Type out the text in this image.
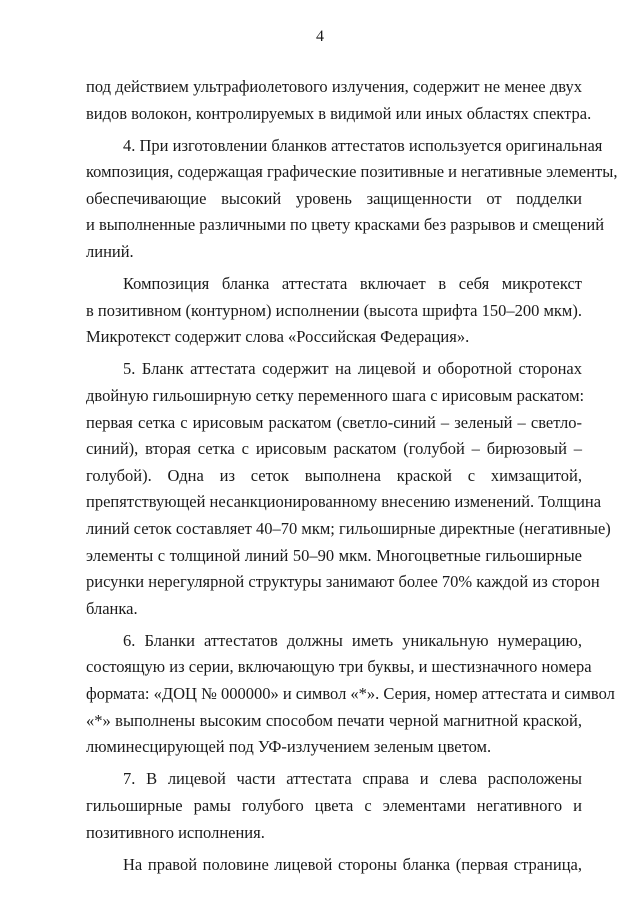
4
под действием ультрафиолетового излучения, содержит не менее двух
видов волокон, контролируемых в видимой или иных областях спектра.
4. При изготовлении бланков аттестатов используется оригинальная
композиция, содержащая графические позитивные и негативные элементы,
обеспечивающие высокий уровень защищенности от подделки
и выполненные различными по цвету красками без разрывов и смещений
линий.
Композиция бланка аттестата включает в себя микротекст
в позитивном (контурном) исполнении (высота шрифта 150–200 мкм).
Микротекст содержит слова «Российская Федерация».
5. Бланк аттестата содержит на лицевой и оборотной сторонах
двойную гильоширную сетку переменного шага с ирисовым раскатом:
первая сетка с ирисовым раскатом (светло-синий – зеленый – светло-
синий), вторая сетка с ирисовым раскатом (голубой – бирюзовый –
голубой). Одна из сеток выполнена краской с химзащитой,
препятствующей несанкционированному внесению изменений. Толщина
линий сеток составляет 40–70 мкм; гильоширные директные (негативные)
элементы с толщиной линий 50–90 мкм. Многоцветные гильоширные
рисунки нерегулярной структуры занимают более 70% каждой из сторон
бланка.
6. Бланки аттестатов должны иметь уникальную нумерацию,
состоящую из серии, включающую три буквы, и шестизначного номера
формата: «ДОЦ № 000000» и символ «*». Серия, номер аттестата и символ
«*» выполнены высоким способом печати черной магнитной краской,
люминесцирующей под УФ-излучением зеленым цветом.
7. В лицевой части аттестата справа и слева расположены
гильоширные рамы голубого цвета с элементами негативного и
позитивного исполнения.
На правой половине лицевой стороны бланка (первая страница,
